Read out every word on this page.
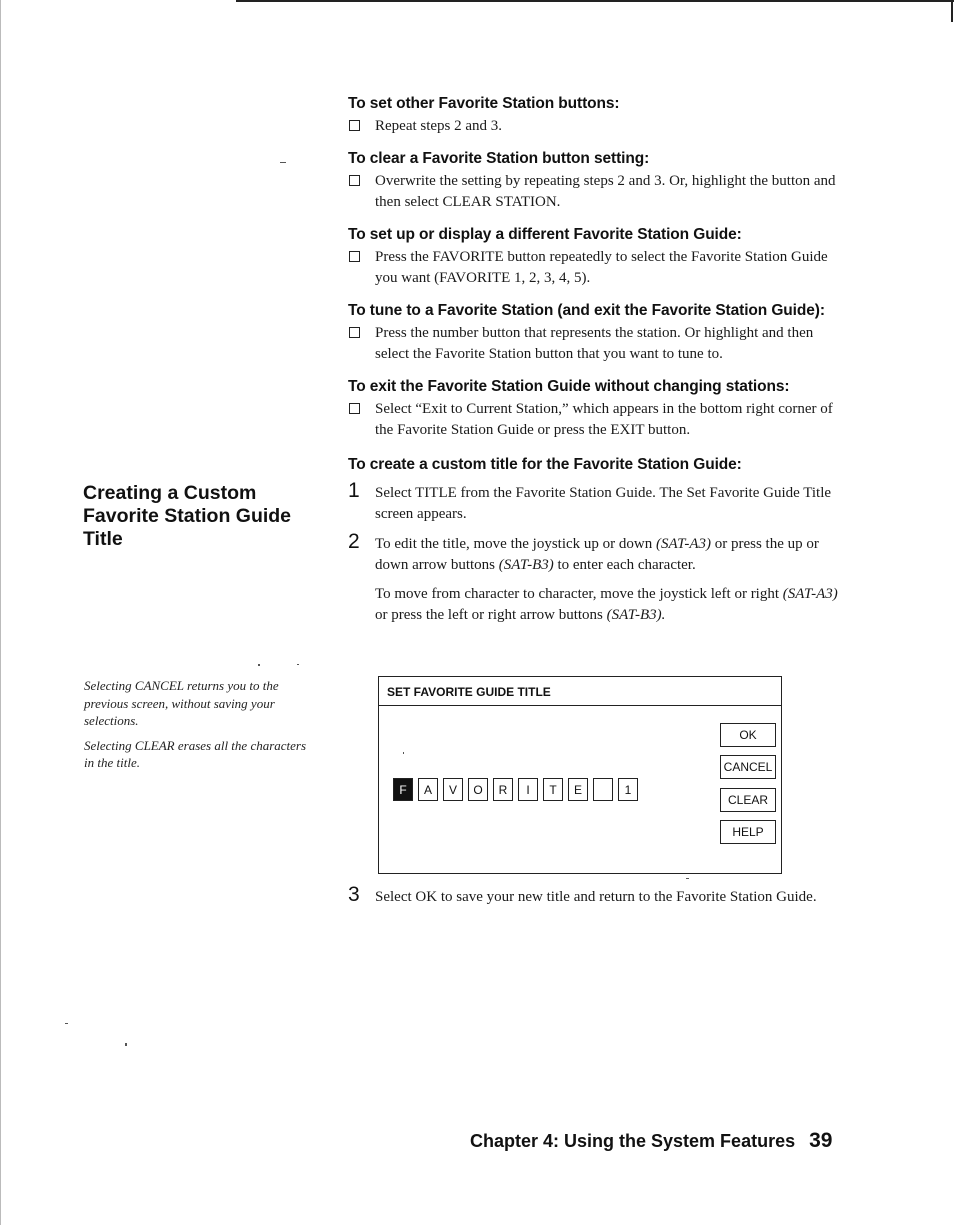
To set other Favorite Station buttons:
Repeat steps 2 and 3.
To clear a Favorite Station button setting:
Overwrite the setting by repeating steps 2 and 3. Or, highlight the button and then select CLEAR STATION.
To set up or display a different Favorite Station Guide:
Press the FAVORITE button repeatedly to select the Favorite Station Guide you want (FAVORITE 1, 2, 3, 4, 5).
To tune to a Favorite Station (and exit the Favorite Station Guide):
Press the number button that represents the station. Or highlight and then select the Favorite Station button that you want to tune to.
To exit the Favorite Station Guide without changing stations:
Select “Exit to Current Station,” which appears in the bottom right corner of the Favorite Station Guide or press the EXIT button.
To create a custom title for the Favorite Station Guide:
1 Select TITLE from the Favorite Station Guide. The Set Favorite Guide Title screen appears.
2 To edit the title, move the joystick up or down (SAT-A3) or press the up or down arrow buttons (SAT-B3) to enter each character.
To move from character to character, move the joystick left or right (SAT-A3) or press the left or right arrow buttons (SAT-B3).
Creating a Custom Favorite Station Guide Title

Selecting CANCEL returns you to the previous screen, without saving your selections.

Selecting CLEAR erases all the characters in the title.

SET FAVORITE GUIDE TITLE
F	A	V	O	R	I	T	E	1
OK
CANCEL
CLEAR
HELP
3 Select OK to save your new title and return to the Favorite Station Guide.
Chapter 4: Using the System Features 39
